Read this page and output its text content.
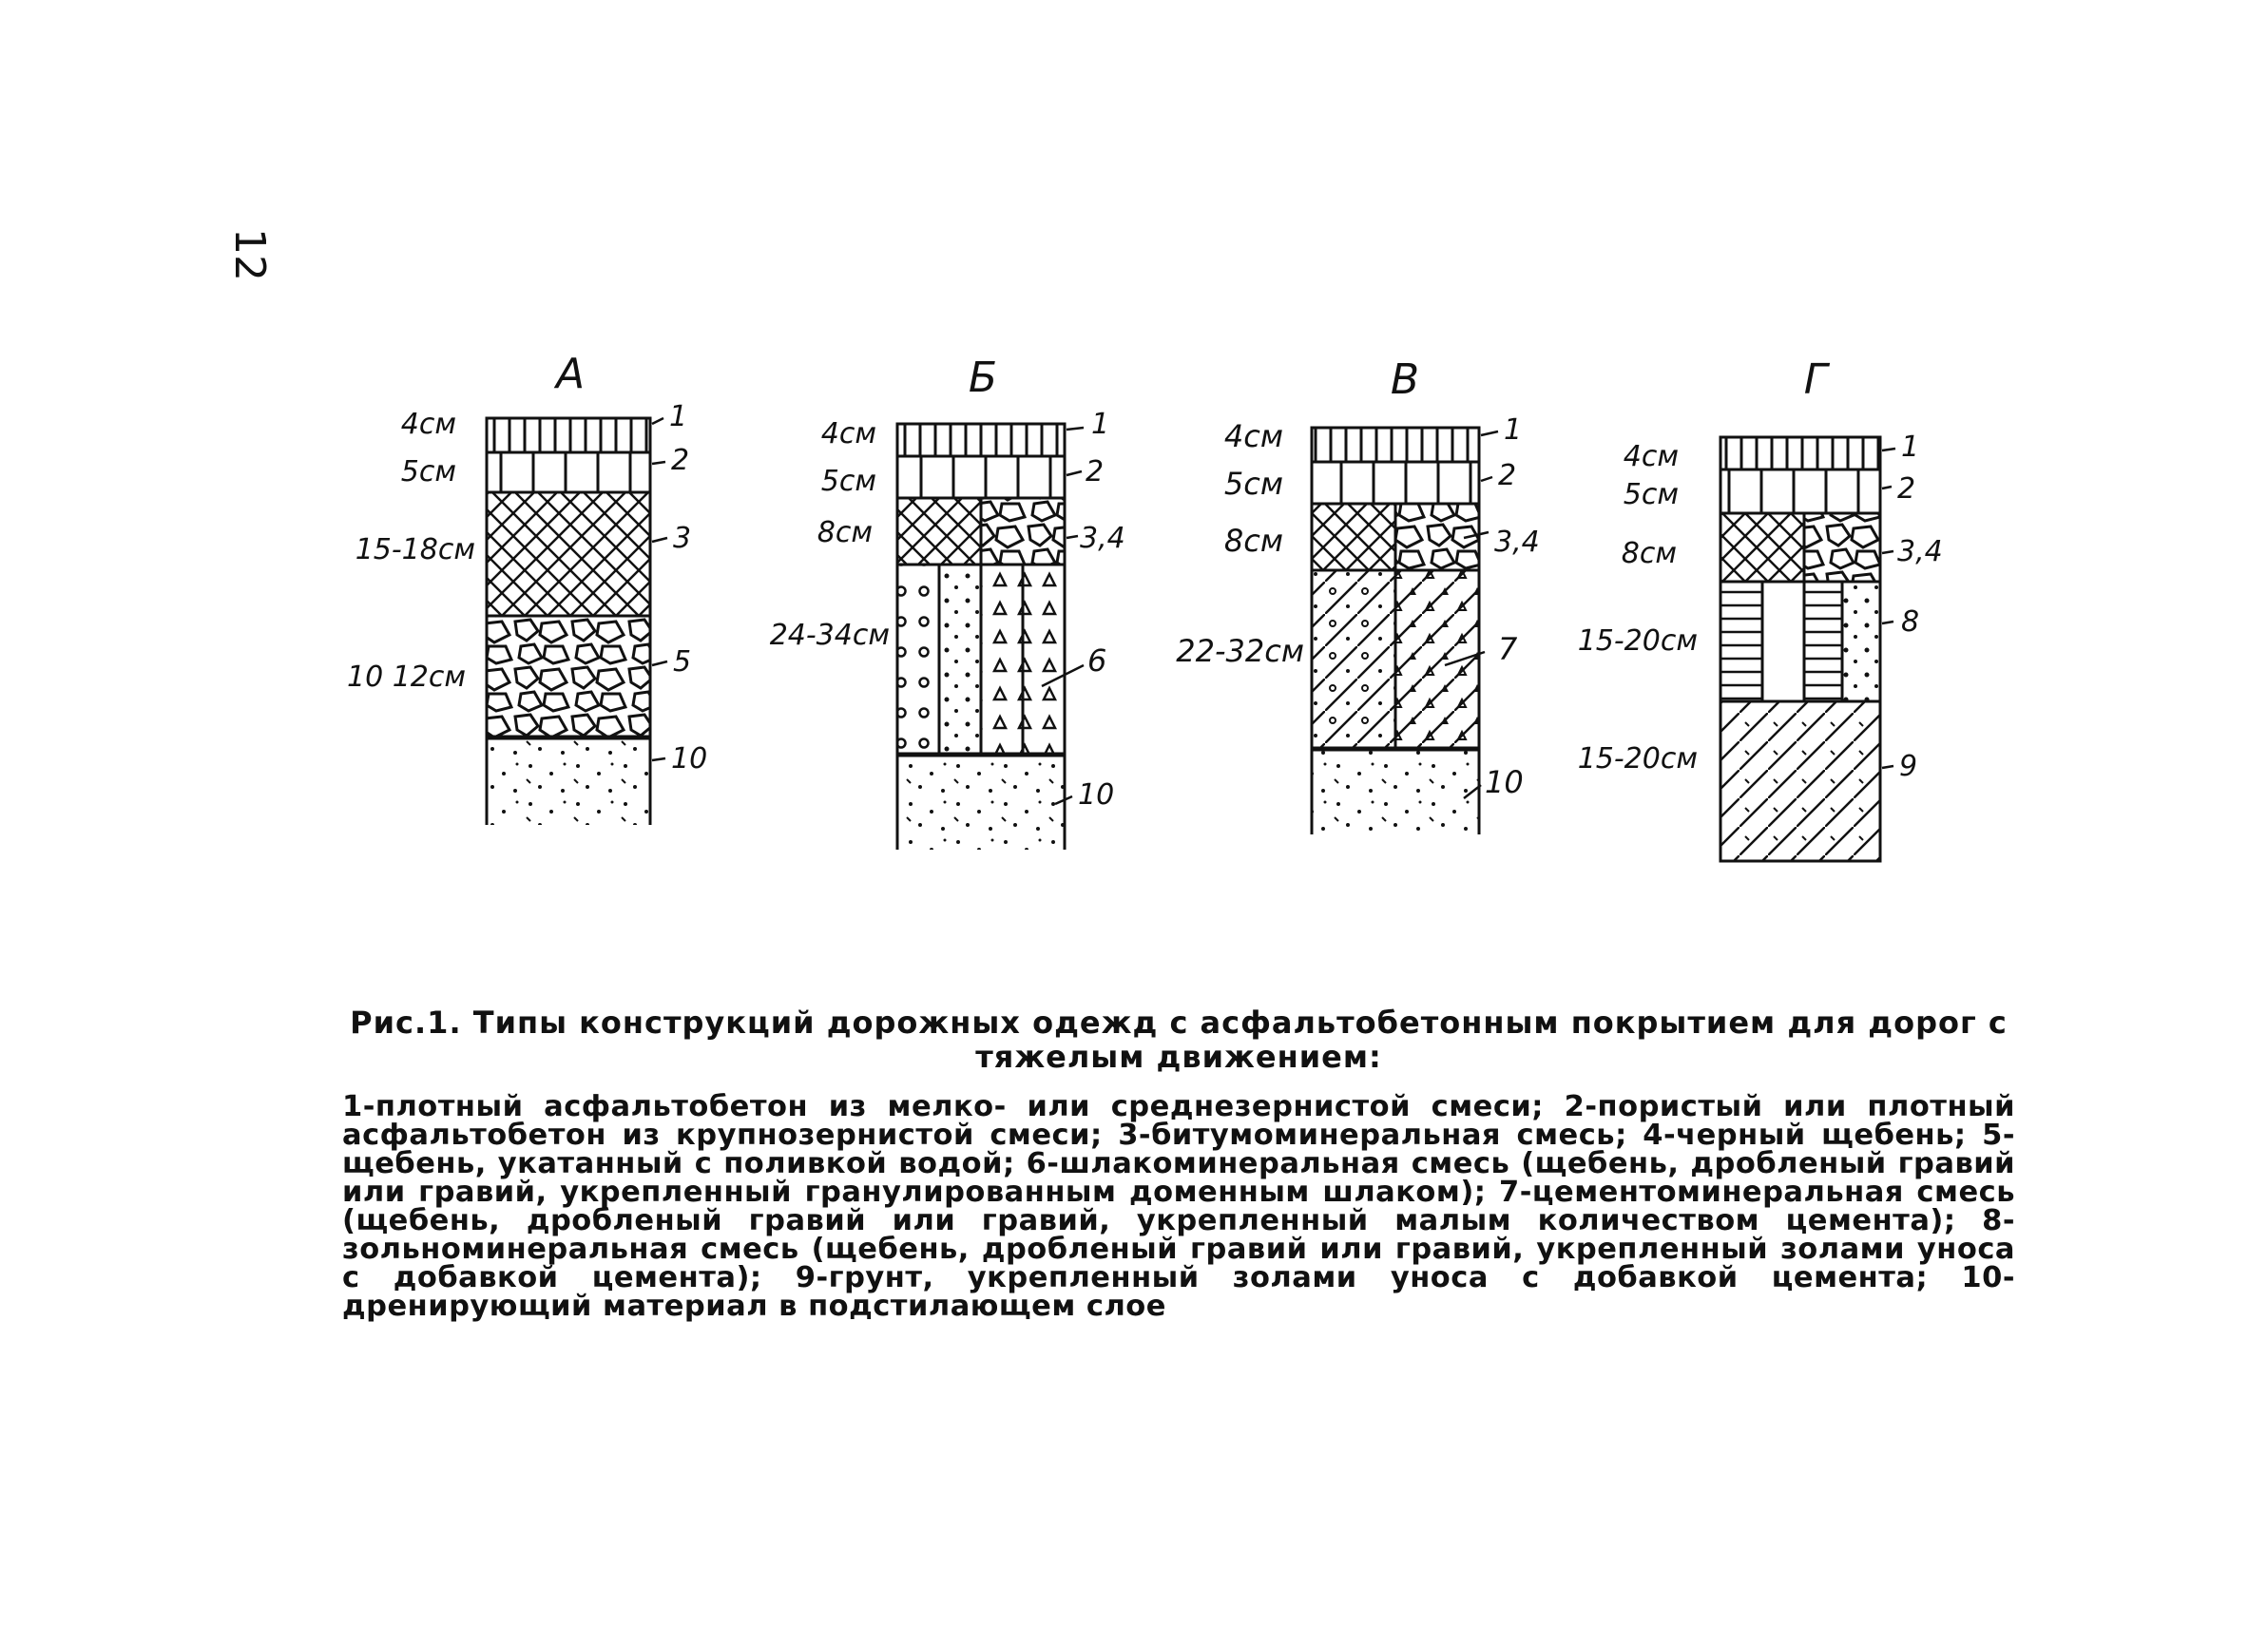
12
А
4см
5см
15-18см
10 12см
1
2
3
5
10
Б
4см
5см
8см
24-34см
1
2
3,4
6
10
В
4см
5см
8см
22-32см
1
2
3,4
7
10
Г
4см
5см
8см
15-20см
15-20см
1
2
3,4
8
9
Рис.1. Типы конструкций дорожных одежд с асфальтобетонным покрытием для дорог с тяжелым движением:
1-плотный асфальтобетон из мелко- или среднезернистой смеси; 2-пористый или плотный асфальтобетон из крупнозернистой смеси; 3-битумоминеральная смесь; 4-черный щебень; 5-щебень, укатанный с поливкой водой; 6-шлакоминеральная смесь (щебень, дробленый гравий или гравий, укрепленный гранулированным доменным шлаком); 7-цементоминеральная смесь (щебень, дробленый гравий или гравий, укрепленный малым количеством цемента); 8-зольноминеральная смесь (щебень, дробленый гравий или гравий, укрепленный золами уноса с добавкой цемента); 9-грунт, укрепленный золами уноса с добавкой цемента; 10-дренирующий материал в подстилающем слое
